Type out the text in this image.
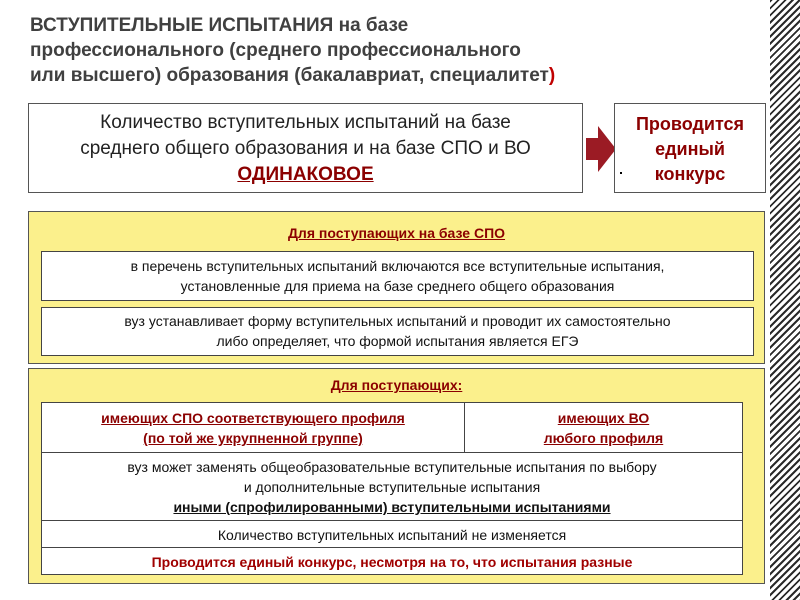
ВСТУПИТЕЛЬНЫЕ ИСПЫТАНИЯ на базе
профессионального (среднего профессионального
или высшего) образования (бакалавриат, специалитет)
Количество вступительных испытаний на базе
среднего общего образования и на базе СПО и ВО
ОДИНАКОВОЕ
Проводится
единый
конкурс
Для поступающих на базе СПО
в перечень вступительных испытаний включаются все вступительные испытания,
установленные для приема на базе среднего общего образования
вуз устанавливает форму вступительных испытаний и проводит их самостоятельно
либо определяет, что формой испытания является ЕГЭ
Для поступающих:
имеющих СПО соответствующего профиля
(по той же укрупненной группе)
имеющих ВО
любого профиля
вуз может заменять общеобразовательные вступительные испытания по выбору
и дополнительные вступительные испытания
иными (спрофилированными) вступительными испытаниями
Количество вступительных испытаний не изменяется
Проводится единый конкурс, несмотря на то, что испытания разные
